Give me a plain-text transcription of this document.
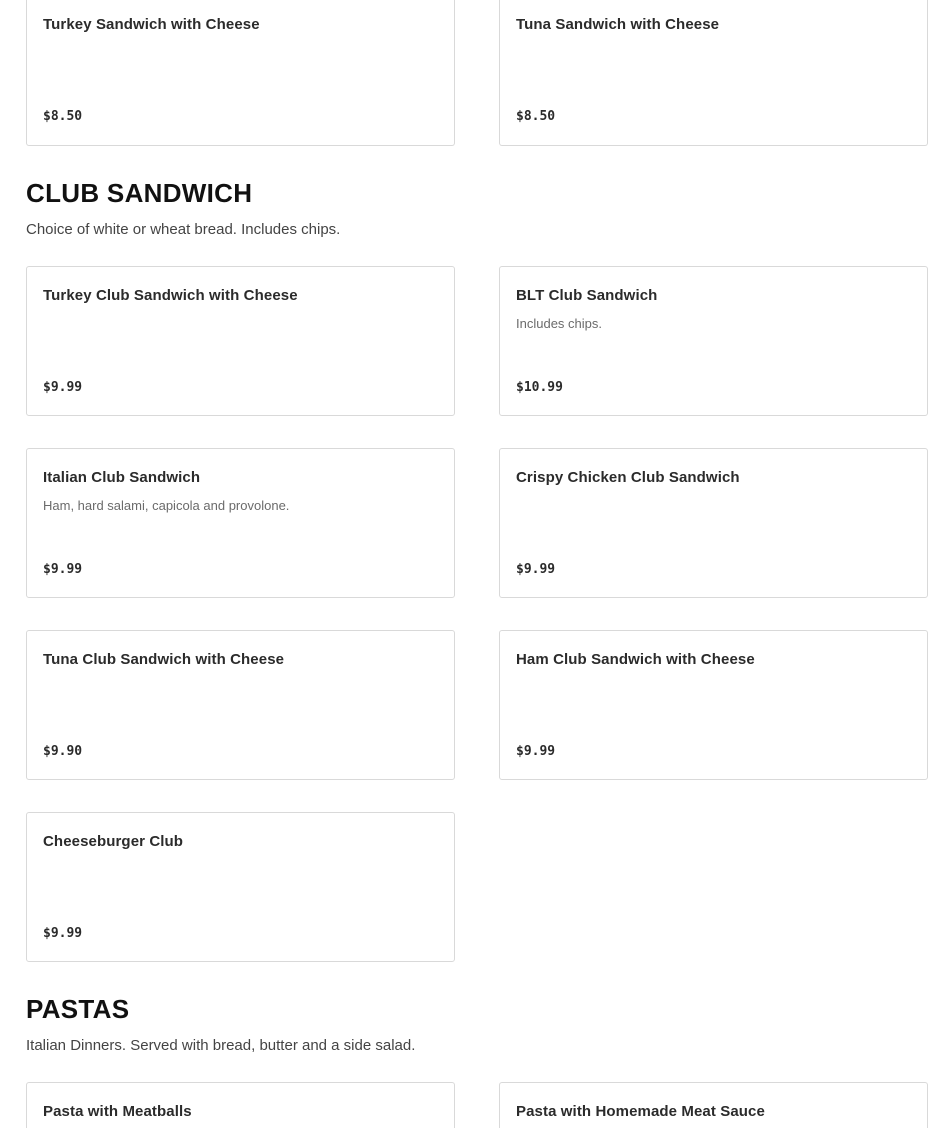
Turkey Sandwich with Cheese
$8.50
Tuna Sandwich with Cheese
$8.50
CLUB SANDWICH

Choice of white or wheat bread. Includes chips.

Turkey Club Sandwich with Cheese
$9.99
BLT Club Sandwich
Includes chips.
$10.99
Italian Club Sandwich
Ham, hard salami, capicola and provolone.
$9.99
Crispy Chicken Club Sandwich
$9.99
Tuna Club Sandwich with Cheese
$9.90
Ham Club Sandwich with Cheese
$9.99
Cheeseburger Club
$9.99
PASTAS

Italian Dinners. Served with bread, butter and a side salad.

Pasta with Meatballs	Pasta with Homemade Meat Sauce
